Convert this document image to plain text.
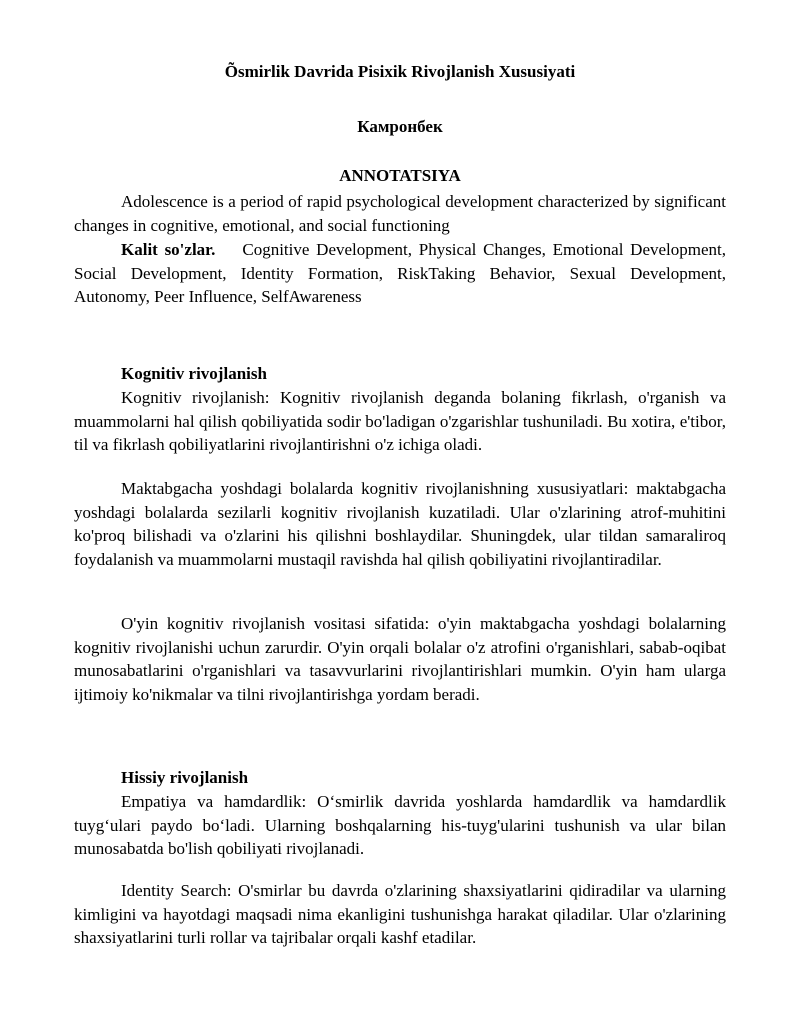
Õsmirlik Davrida Pisixik Rivojlanish Xususiyati
Камронбек
ANNOTATSIYA

Adolescence is a period of rapid psychological development characterized by significant changes in cognitive, emotional, and social functioning

Kalit so'zlar. Cognitive Development, Physical Changes, Emotional Development, Social Development, Identity Formation, RiskTaking Behavior, Sexual Development, Autonomy, Peer Influence, SelfAwareness

Kognitiv rivojlanish

Kognitiv rivojlanish: Kognitiv rivojlanish deganda bolaning fikrlash, o'rganish va muammolarni hal qilish qobiliyatida sodir bo'ladigan o'zgarishlar tushuniladi. Bu xotira, e'tibor, til va fikrlash qobiliyatlarini rivojlantirishni o'z ichiga oladi.

Maktabgacha yoshdagi bolalarda kognitiv rivojlanishning xususiyatlari: maktabgacha yoshdagi bolalarda sezilarli kognitiv rivojlanish kuzatiladi. Ular o'zlarining atrof-muhitini ko'proq bilishadi va o'zlarini his qilishni boshlaydilar. Shuningdek, ular tildan samaraliroq foydalanish va muammolarni mustaqil ravishda hal qilish qobiliyatini rivojlantiradilar.

O'yin kognitiv rivojlanish vositasi sifatida: o'yin maktabgacha yoshdagi bolalarning kognitiv rivojlanishi uchun zarurdir. O'yin orqali bolalar o'z atrofini o'rganishlari, sabab-oqibat munosabatlarini o'rganishlari va tasavvurlarini rivojlantirishlari mumkin. O'yin ham ularga ijtimoiy ko'nikmalar va tilni rivojlantirishga yordam beradi.

Hissiy rivojlanish

Empatiya va hamdardlik: O‘smirlik davrida yoshlarda hamdardlik va hamdardlik tuyg‘ulari paydo bo‘ladi. Ularning boshqalarning his-tuyg'ularini tushunish va ular bilan munosabatda bo'lish qobiliyati rivojlanadi.

Identity Search: O'smirlar bu davrda o'zlarining shaxsiyatlarini qidiradilar va ularning kimligini va hayotdagi maqsadi nima ekanligini tushunishga harakat qiladilar. Ular o'zlarining shaxsiyatlarini turli rollar va tajribalar orqali kashf etadilar.
